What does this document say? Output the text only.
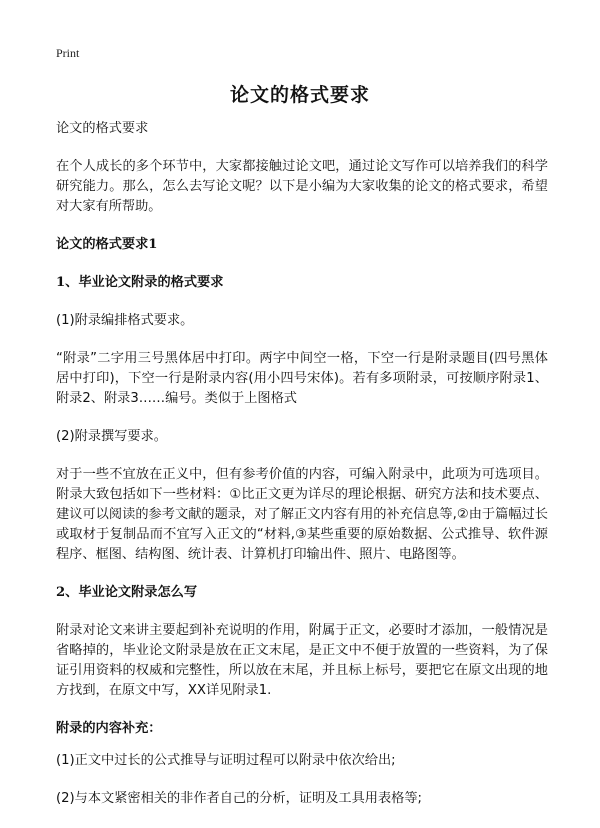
Print
论文的格式要求

论文的格式要求

在个人成长的多个环节中，大家都接触过论文吧，通过论文写作可以培养我们的科学研究能力。那么，怎么去写论文呢？以下是小编为大家收集的论文的格式要求，希望对大家有所帮助。

论文的格式要求1
1、毕业论文附录的格式要求

(1)附录编排格式要求。

“附录”二字用三号黑体居中打印。两字中间空一格，下空一行是附录题目(四号黑体居中打印)，下空一行是附录内容(用小四号宋体)。若有多项附录，可按顺序附录1、附录2、附录3……编号。类似于上图格式

(2)附录撰写要求。

对于一些不宜放在正义中，但有参考价值的内容，可编入附录中，此项为可选项目。附录大致包括如下一些材料：①比正文更为详尽的理论根据、研究方法和技术要点、建议可以阅读的参考文献的题录，对了解正文内容有用的补充信息等,②由于篇幅过长或取材于复制品而不宜写入正文的“材料,③某些重要的原始数据、公式推导、软件源程序、框图、结构图、统计表、计算机打印输出件、照片、电路图等。

2、毕业论文附录怎么写

附录对论文来讲主要起到补充说明的作用，附属于正文，必要时才添加，一般情况是省略掉的，毕业论文附录是放在正文末尾，是正文中不便于放置的一些资料，为了保证引用资料的权威和完整性，所以放在末尾，并且标上标号，要把它在原文出现的地方找到，在原文中写，XX详见附录1.

附录的内容补充：

(1)正文中过长的公式推导与证明过程可以附录中依次给出;

(2)与本文紧密相关的非作者自己的分析，证明及工具用表格等;
